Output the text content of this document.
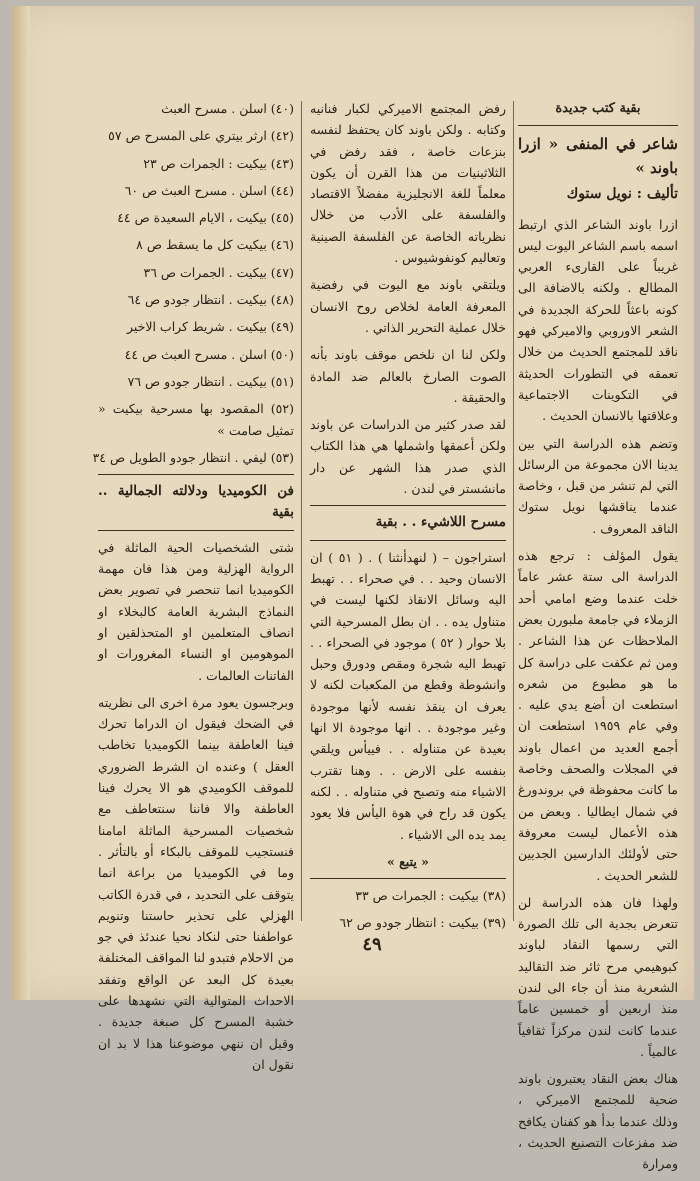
بقية كتب جديدة
شاعر في المنفى « ازرا باوند »
تأليف : نويل ستوك

ازرا باوند الشاعر الذي ارتبط اسمه باسم الشاعر اليوت ليس غريباً على القارىء العربي المطالع . ولكنه بالاضافة الى كونه باعثاً للحركة الجديدة في الشعر الاوروبي والاميركي فهو ناقد للمجتمع الحديث من خلال تعمقه في التطورات الحديثة في التكوينات الاجتماعية وعلاقتها بالانسان الحديث .

وتضم هذه الدراسة التي بين يدينا الان مجموعة من الرسائل التي لم تنشر من قبل ، وخاصة عندما يناقشها نويل ستوك الناقد المعروف .

يقول المؤلف : ترجع هذه الدراسة الى ستة عشر عاماً خلت عندما وضع امامي أحد الزملاء في جامعة ملبورن بعض الملاحظات عن هذا الشاعر . ومن ثم عكفت على دراسة كل ما هو مطبوع من شعره استطعت ان أضع يدي عليه . وفي عام ١٩٥٩ استطعت ان أجمع العديد من اعمال باوند في المجلات والصحف وخاصة ما كانت محفوظة في بروندورغ في شمال ايطاليا . وبعض من هذه الأعمال ليست معروفة حتى لأولئك الدارسين الجديين للشعر الحديث .

ولهذا فان هذه الدراسة لن تتعرض بجدية الى تلك الصورة التي رسمها النقاد لباوند كبوهيمي مرح ثائر ضد التقاليد الشعرية منذ أن جاء الى لندن منذ اربعين أو خمسين عاماً عندما كانت لندن مركزاً ثقافياً عالمياً .

هناك بعض النقاد يعتبرون باوند ضحية للمجتمع الاميركي ، وذلك عندما بدأ هو كفنان يكافح ضد مفزعات التصنيع الحديث ، ومرارة

رفض المجتمع الاميركي لكبار فنانيه وكتابه . ولكن باوند كان يحتفظ لنفسه بنزعات خاصة ، فقد رفض في الثلاثينيات من هذا القرن أن يكون معلماً للغة الانجليزية مفضلاً الاقتصاد والفلسفة على الأدب من خلال نظرياته الخاصة عن الفلسفة الصينية وتعاليم كونفوشيوس .

ويلتقي باوند مع اليوت في رفضية المعرفة العامة لخلاص روح الانسان خلال عملية التحرير الذاتي .

ولكن لنا ان نلخص موقف باوند بأنه الصوت الصارخ بالعالم ضد المادة والحقيقة .

لقد صدر كثير من الدراسات عن باوند ولكن أعمقها واشملها هي هذا الكتاب الذي صدر هذا الشهر عن دار مانشستر في لندن .

مسرح اللاشيء . . بقية

استراجون – ( لنهدأنثنا ) . ( ٥١ ) ان الانسان وحيد . . في صحراء . . تهبط اليه وسائل الانقاذ لكنها ليست في متناول يده . . ان بطل المسرحية التي بلا حوار ( ٥٢ ) موجود في الصحراء . . تهبط اليه شجرة ومقص ودورق وحبل وانشوطة وقطع من المكعبات لكنه لا يعرف ان ينقذ نفسه لأنها موجودة وغير موجودة . . انها موجودة الا انها بعيدة عن متناوله . . فييأس ويلقي بنفسه على الارض . . وهنا تقترب الاشياء منه وتصبح في متناوله . . لكنه يكون قد راح في هوة اليأس فلا يعود يمد يده الى الاشياء .

« يتبع »

(٣٨) بيكيت : الجمرات ص ٣٣

(٣٩) بيكيت : انتظار جودو ص ٦٢

(٤٠) اسلن . مسرح العبث

(٤٢) ارثر بيتري على المسرح ص ٥٧

(٤٣) بيكيت : الجمرات ص ٢٣

(٤٤) اسلن . مسرح العبث ص ٦٠

(٤٥) بيكيت ، الايام السعيدة ص ٤٤

(٤٦) بيكيت كل ما يسقط ص ٨

(٤٧) بيكيت . الجمرات ص ٣٦

(٤٨) بيكيت . انتظار جودو ص ٦٤

(٤٩) بيكيت . شريط كراب الاخير

(٥٠) اسلن . مسرح العبث ص ٤٤

(٥١) بيكيت . انتظار جودو ص ٧٦

(٥٢) المقصود بها مسرحية بيكيت « تمثيل صامت »

(٥٣) ليفي . انتظار جودو الطويل ص ٣٤

فن الكوميديا ودلالته الجمالية .. بقية

شتى الشخصيات الحية الماثلة في الرواية الهزلية ومن هذا فان مهمة الكوميديا انما تنحصر في تصوير بعض النماذج البشرية العامة كالبخلاء او انصاف المتعلمين او المتحذلقين او الموهومين او النساء المغرورات او الفاتنات العالمات .

وبرجسون يعود مرة اخرى الى نظريته في الضحك فيقول ان الدراما تحرك فينا العاطفة بينما الكوميديا تخاطب العقل ) وعنده ان الشرط الضروري للموقف الكوميدي هو الا يحرك فينا العاطفة والا فاننا سنتعاطف مع شخصيات المسرحية الماثلة امامنا فنستجيب للموقف بالبكاء أو بالتأثر . وما في الكوميديا من براعة انما يتوقف على التحديد ، في قدرة الكاتب الهزلي على تحذير حاستنا وتنويم عواطفنا حتى لنكاد نحيا عندئذ في جو من الاحلام فتبدو لنا المواقف المختلفة بعيدة كل البعد عن الواقع وتفقد الاحداث المتوالية التي نشهدها على خشبة المسرح كل صبغة جديدة . وقبل ان ننهي موضوعنا هذا لا بد ان نقول ان

٤٩
